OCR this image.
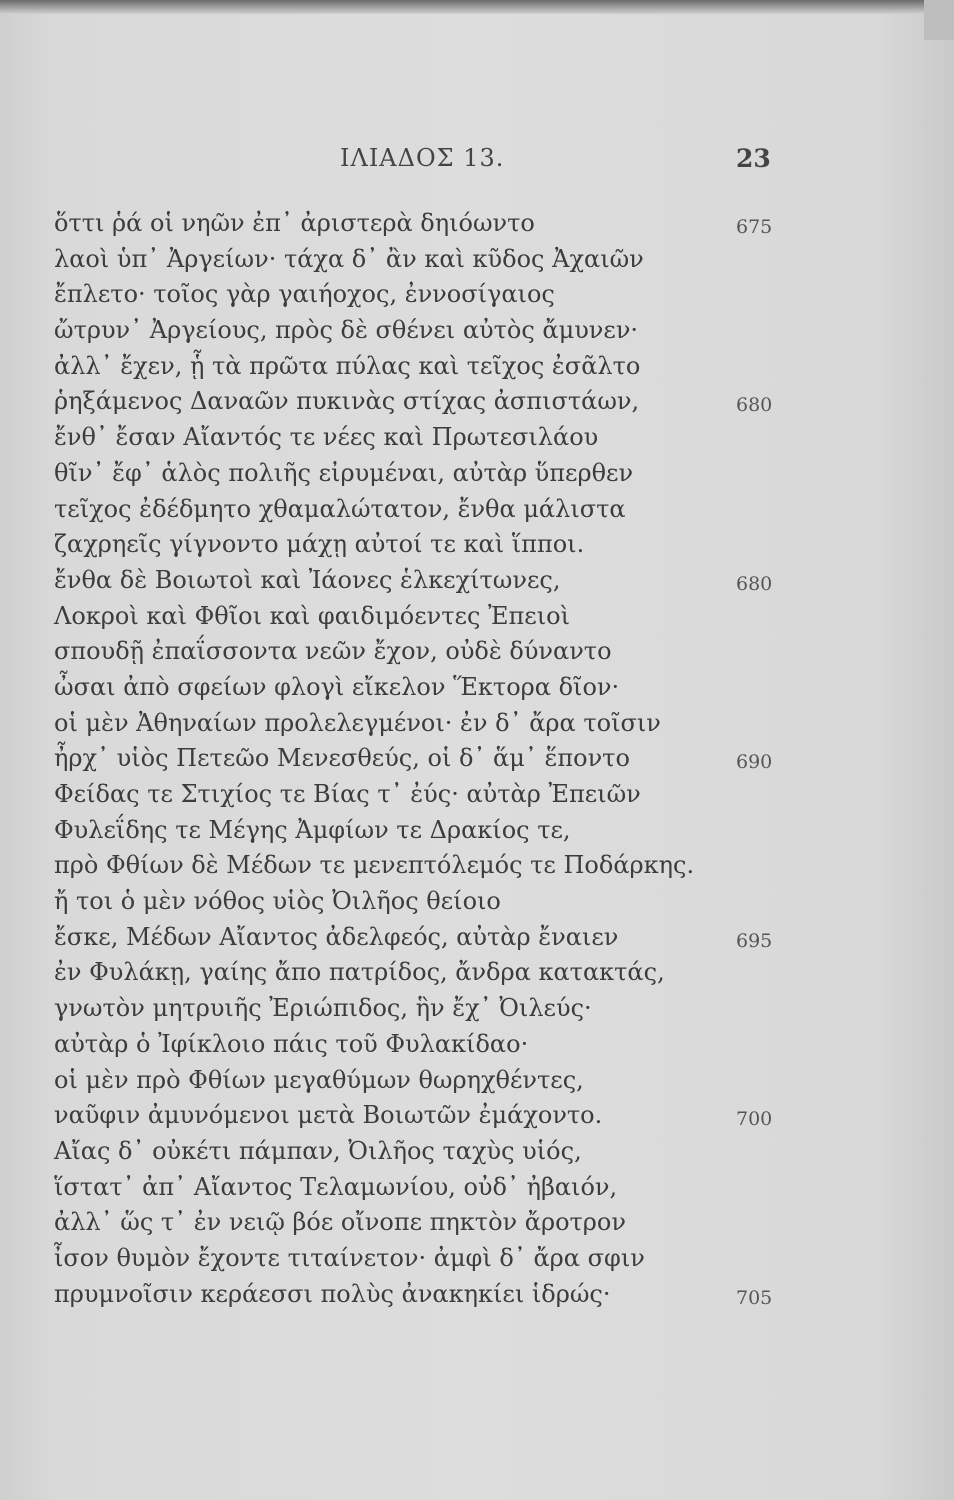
ΙΛΙΑΔΟΣ 13.	23
ὅττι ῥά οἱ νηῶν ἐπ᾽ ἀριστερὰ δηιόωντο	675
λαοὶ ὑπ᾽ Ἀργείων· τάχα δ᾽ ἂν καὶ κῦδος Ἀχαιῶν
ἔπλετο· τοῖος γὰρ γαιήοχος, ἐννοσίγαιος
ὤτρυν᾽ Ἀργείους, πρὸς δὲ σθένει αὐτὸς ἄμυνεν·
ἀλλ᾽ ἔχεν, ᾗ τὰ πρῶτα πύλας καὶ τεῖχος ἐσᾶλτο
ῥηξάμενος Δαναῶν πυκινὰς στίχας ἀσπιστάων,	680
ἔνθ᾽ ἔσαν Αἴαντός τε νέες καὶ Πρωτεσιλάου
θῖν᾽ ἔφ᾽ ἁλὸς πολιῆς εἰρυμέναι, αὐτὰρ ὕπερθεν
τεῖχος ἐδέδμητο χθαμαλώτατον, ἔνθα μάλιστα
ζαχρηεῖς γίγνοντο μάχῃ αὐτοί τε καὶ ἵπποι.
ἔνθα δὲ Βοιωτοὶ καὶ Ἰάονες ἑλκεχίτωνες,	680
Λοκροὶ καὶ Φθῖοι καὶ φαιδιμόεντες Ἐπειοὶ
σπουδῇ ἐπαΐσσοντα νεῶν ἔχον, οὐδὲ δύναντο
ὦσαι ἀπὸ σφείων φλογὶ εἴκελον Ἕκτορα δῖον·
οἱ μὲν Ἀθηναίων προλελεγμένοι· ἐν δ᾽ ἄρα τοῖσιν
ἦρχ᾽ υἱὸς Πετεῶο Μενεσθεύς, οἱ δ᾽ ἅμ᾽ ἕποντο	690
Φείδας τε Στιχίος τε Βίας τ᾽ ἐύς· αὐτὰρ Ἐπειῶν
Φυλεΐδης τε Μέγης Ἀμφίων τε Δρακίος τε,
πρὸ Φθίων δὲ Μέδων τε μενεπτόλεμός τε Ποδάρκης.
ἤ τοι ὁ μὲν νόθος υἱὸς Ὀιλῆος θείοιο
ἔσκε, Μέδων Αἴαντος ἀδελφεός, αὐτὰρ ἔναιεν	695
ἐν Φυλάκῃ, γαίης ἄπο πατρίδος, ἄνδρα κατακτάς,
γνωτὸν μητρυιῆς Ἐριώπιδος, ἣν ἔχ᾽ Ὀιλεύς·
αὐτὰρ ὁ Ἰφίκλοιο πάις τοῦ Φυλακίδαο·
οἱ μὲν πρὸ Φθίων μεγαθύμων θωρηχθέντες,
ναῦφιν ἀμυνόμενοι μετὰ Βοιωτῶν ἐμάχοντο.	700
Αἴας δ᾽ οὐκέτι πάμπαν, Ὀιλῆος ταχὺς υἱός,
ἵστατ᾽ ἀπ᾽ Αἴαντος Τελαμωνίου, οὐδ᾽ ἠβαιόν,
ἀλλ᾽ ὥς τ᾽ ἐν νειῷ βόε οἴνοπε πηκτὸν ἄροτρον
ἶσον θυμὸν ἔχοντε τιταίνετον· ἀμφὶ δ᾽ ἄρα σφιν
πρυμνοῖσιν κεράεσσι πολὺς ἀνακηκίει ἱδρώς·	705
